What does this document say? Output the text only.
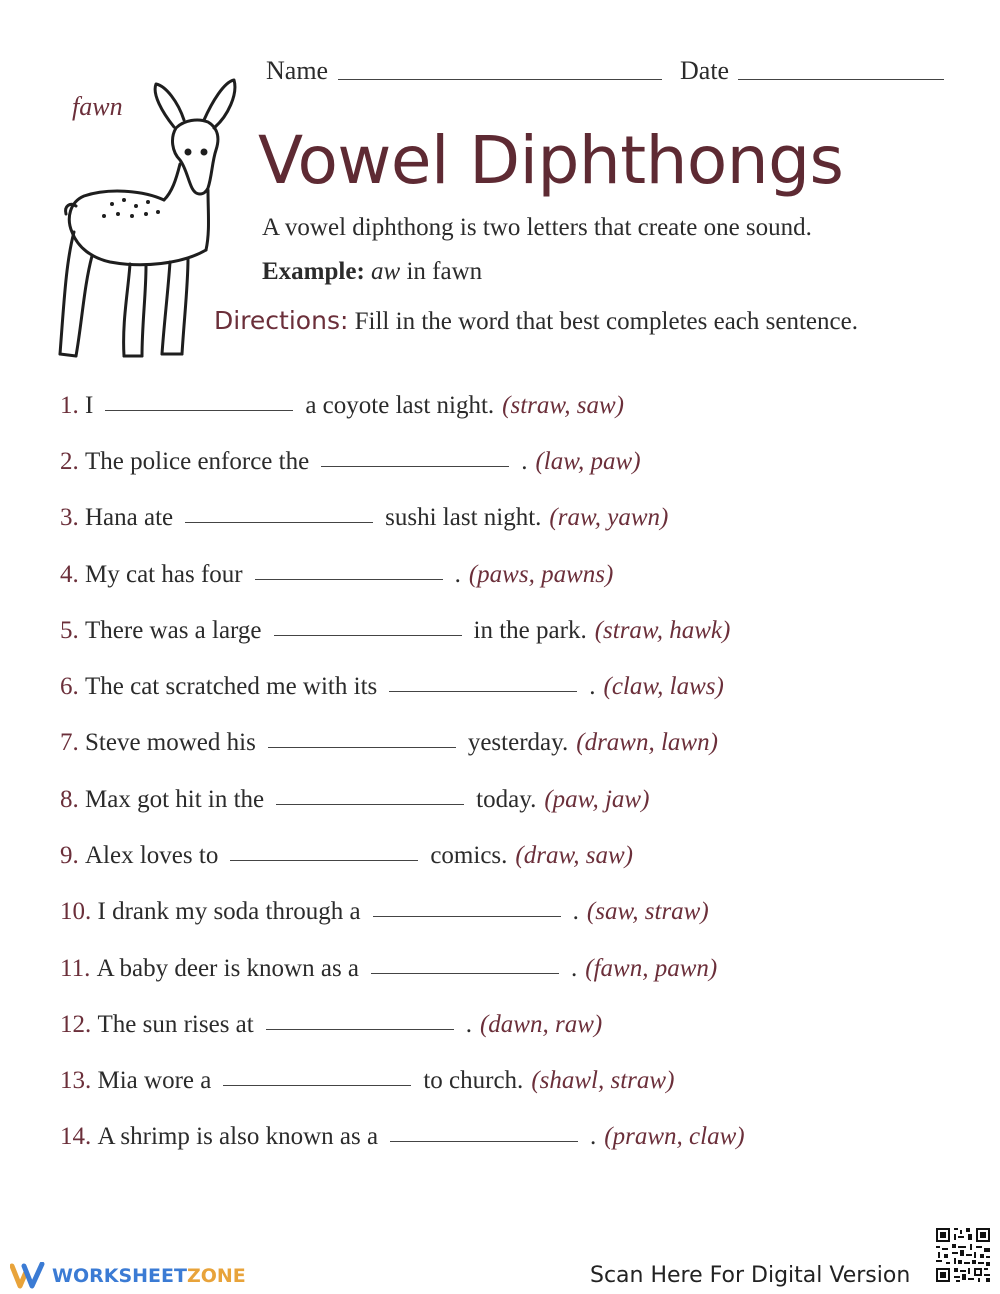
Name	Date
fawn
Vowel Diphthongs
A vowel diphthong is two letters that create one sound.
Example: aw in fawn
Directions: Fill in the word that best completes each sentence.
1.
I	a coyote last night. (straw, saw)
2.
The police enforce the	. (law, paw)
3.
Hana ate	sushi last night. (raw, yawn)
4.
My cat has four	. (paws, pawns)
5.
There was a large	in the park. (straw, hawk)
6.
The cat scratched me with its	. (claw, laws)
7.
Steve mowed his	yesterday. (drawn, lawn)
8.
Max got hit in the	today. (paw, jaw)
9.
Alex loves to	comics. (draw, saw)
10.
I drank my soda through a	. (saw, straw)
11.
A baby deer is known as a	. (fawn, pawn)
12.
The sun rises at	. (dawn, raw)
13.
Mia wore a	to church. (shawl, straw)
14.
A shrimp is also known as a	. (prawn, claw)
WORKSHEETZONE	Scan Here For Digital Version
